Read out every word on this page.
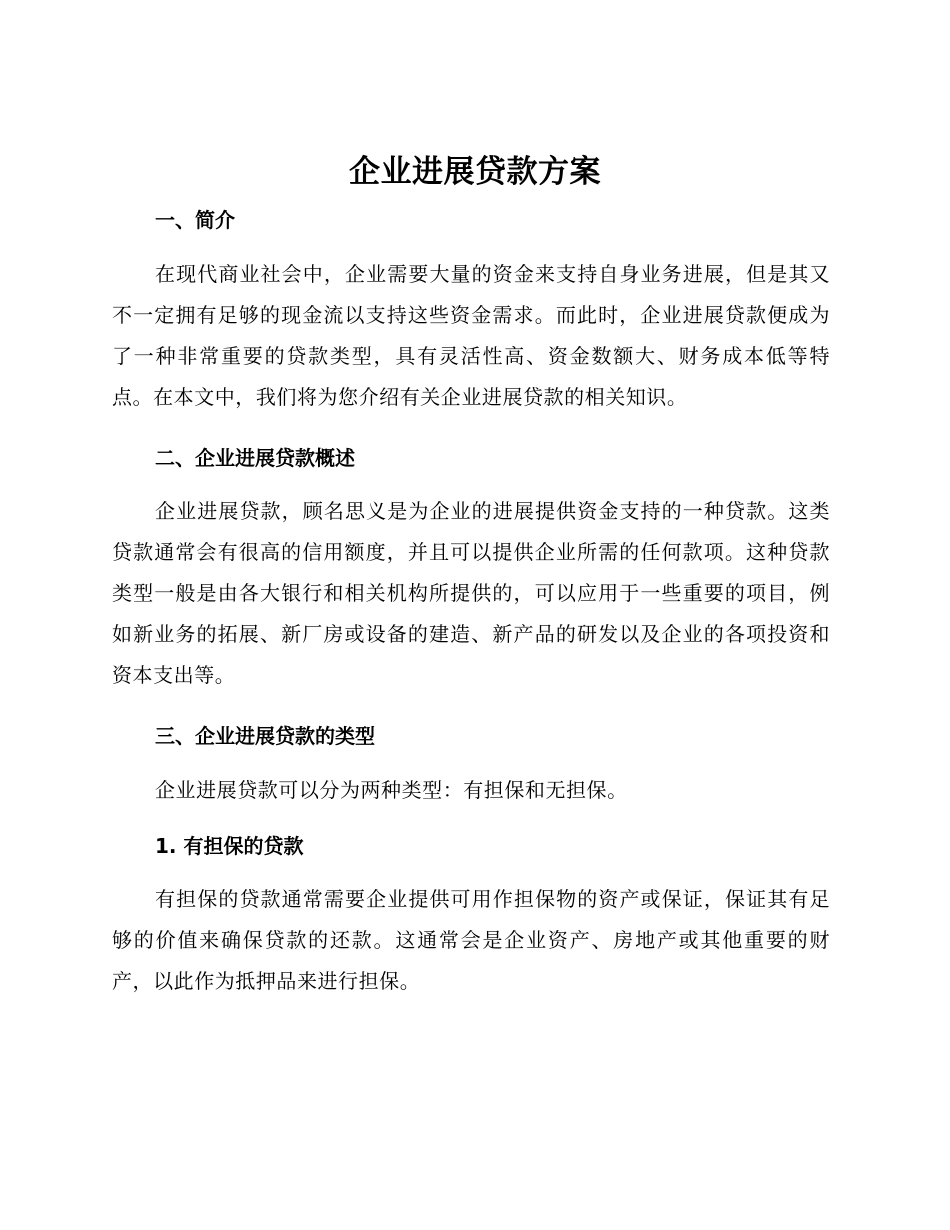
企业进展贷款方案
一、简介

在现代商业社会中，企业需要大量的资金来支持自身业务进展，但是其又不一定拥有足够的现金流以支持这些资金需求。而此时，企业进展贷款便成为了一种非常重要的贷款类型，具有灵活性高、资金数额大、财务成本低等特点。在本文中，我们将为您介绍有关企业进展贷款的相关知识。

二、企业进展贷款概述

企业进展贷款，顾名思义是为企业的进展提供资金支持的一种贷款。这类贷款通常会有很高的信用额度，并且可以提供企业所需的任何款项。这种贷款类型一般是由各大银行和相关机构所提供的，可以应用于一些重要的项目，例如新业务的拓展、新厂房或设备的建造、新产品的研发以及企业的各项投资和资本支出等。

三、企业进展贷款的类型

企业进展贷款可以分为两种类型：有担保和无担保。

1. 有担保的贷款

有担保的贷款通常需要企业提供可用作担保物的资产或保证，保证其有足够的价值来确保贷款的还款。这通常会是企业资产、房地产或其他重要的财产，以此作为抵押品来进行担保。
